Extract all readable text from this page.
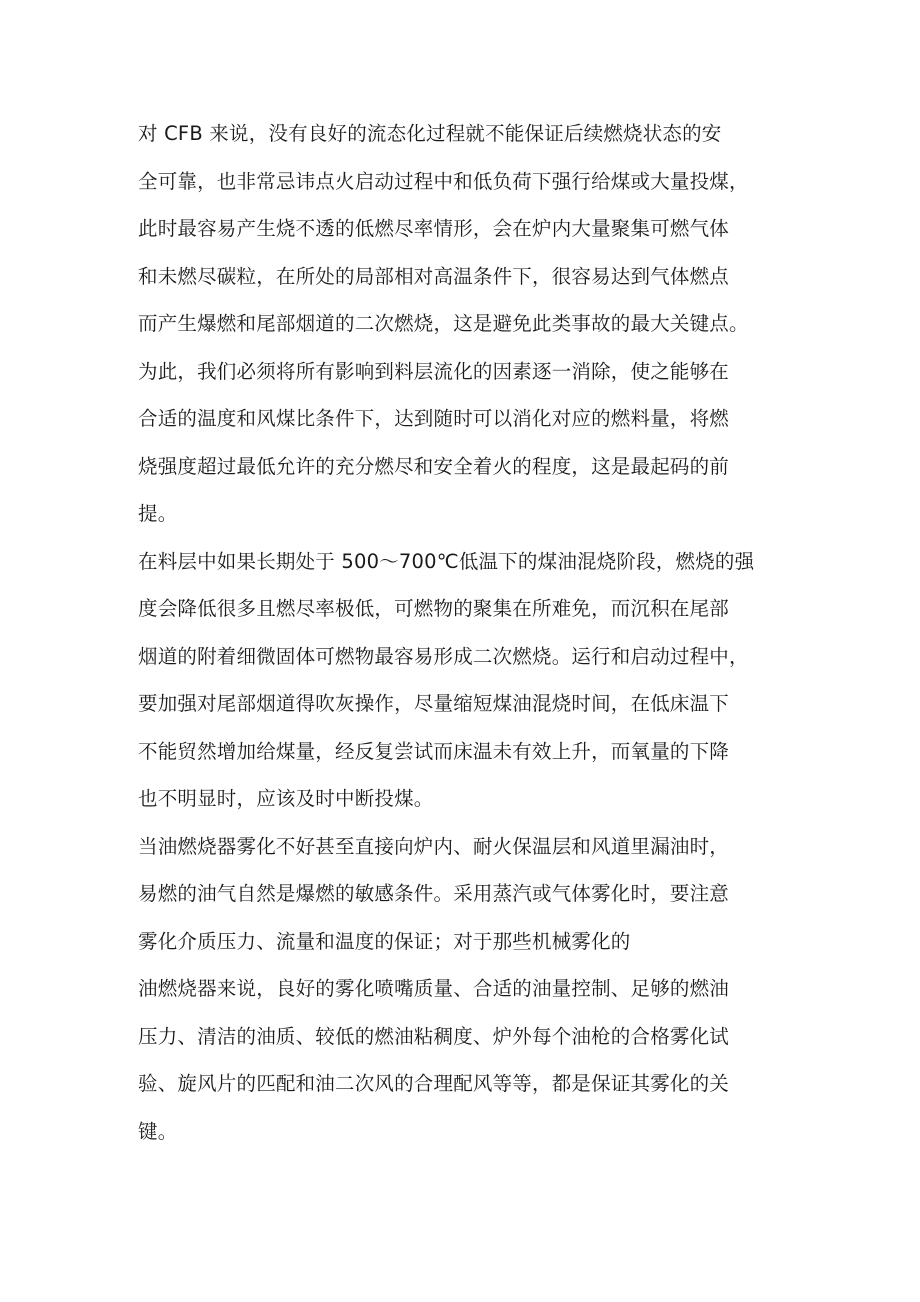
对 CFB 来说，没有良好的流态化过程就不能保证后续燃烧状态的安
全可靠，也非常忌讳点火启动过程中和低负荷下强行给煤或大量投煤，
此时最容易产生烧不透的低燃尽率情形，会在炉内大量聚集可燃气体
和未燃尽碳粒，在所处的局部相对高温条件下，很容易达到气体燃点
而产生爆燃和尾部烟道的二次燃烧，这是避免此类事故的最大关键点。
为此，我们必须将所有影响到料层流化的因素逐一消除，使之能够在
合适的温度和风煤比条件下，达到随时可以消化对应的燃料量，将燃
烧强度超过最低允许的充分燃尽和安全着火的程度，这是最起码的前
提。
在料层中如果长期处于 500～700℃低温下的煤油混烧阶段，燃烧的强
度会降低很多且燃尽率极低，可燃物的聚集在所难免，而沉积在尾部
烟道的附着细微固体可燃物最容易形成二次燃烧。运行和启动过程中，
要加强对尾部烟道得吹灰操作，尽量缩短煤油混烧时间，在低床温下
不能贸然增加给煤量，经反复尝试而床温未有效上升，而氧量的下降
也不明显时，应该及时中断投煤。
当油燃烧器雾化不好甚至直接向炉内、耐火保温层和风道里漏油时，
易燃的油气自然是爆燃的敏感条件。采用蒸汽或气体雾化时，要注意
雾化介质压力、流量和温度的保证；对于那些机械雾化的
油燃烧器来说，良好的雾化喷嘴质量、合适的油量控制、足够的燃油
压力、清洁的油质、较低的燃油粘稠度、炉外每个油枪的合格雾化试
验、旋风片的匹配和油二次风的合理配风等等，都是保证其雾化的关
键。
